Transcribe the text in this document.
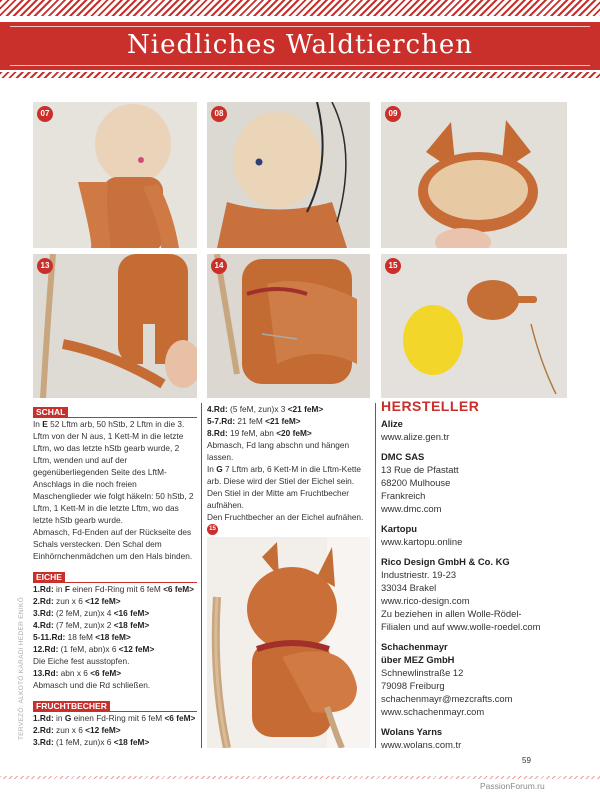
Niedliches Waldtierchen
07	08	09
13	14	15
SCHAL

In E 52 Lftm arb, 50 hStb, 2 Lftm in die 3. Lftm von der N aus, 1 Kett-M in die letzte Lftm, wo das letzte hStb gearb wurde, 2 Lftm, wenden und auf der gegenüberliegenden Seite des LftM-Anschlags in die noch freien Maschenglieder wie folgt häkeln: 50 hStb, 2 Lftm, 1 Kett-M in die letzte Lftm, wo das letzte hStb gearb wurde.

Abmasch, Fd-Enden auf der Rückseite des Schals verstecken. Den Schal dem Einhörnchenmädchen um den Hals binden.

EICHE

1.Rd: in F einen Fd-Ring mit 6 feM <6 feM>

2.Rd: zun x 6 <12 feM>

3.Rd: (2 feM, zun)x 4 <16 feM>

4.Rd: (7 feM, zun)x 2 <18 feM>

5-11.Rd: 18 feM <18 feM>

12.Rd: (1 feM, abn)x 6 <12 feM>

Die Eiche fest ausstopfen.

13.Rd: abn x 6 <6 feM>

Abmasch und die Rd schließen.

FRUCHTBECHER

1.Rd: in G einen Fd-Ring mit 6 feM <6 feM>

2.Rd: zun x 6 <12 feM>

3.Rd: (1 feM, zun)x 6 <18 feM>

4.Rd: (5 feM, zun)x 3 <21 feM>

5-7.Rd: 21 feM <21 feM>

8.Rd: 19 feM, abn <20 feM>

Abmasch, Fd lang abschn und hängen lassen.

In G 7 Lftm arb, 6 Kett-M in die Lftm-Kette arb. Diese wird der Stiel der Eichel sein. Den Stiel in der Mitte am Fruchtbecher aufnähen.

Den Fruchtbecher an der Eichel aufnähen. 15

HERSTELLER
Alize
www.alize.gen.tr
DMC SAS
13 Rue de Pfastatt
68200 Mulhouse
Frankreich
www.dmc.com
Kartopu
www.kartopu.online
Rico Design GmbH & Co. KG
Industriestr. 19-23
33034 Brakel
www.rico-design.com
Zu beziehen in allen Wolle-Rödel-
Filialen und auf www.wolle-roedel.com
Schachenmayr
über MEZ GmbH
Schnewlinstraße 12
79098 Freiburg
schachenmayr@mezcrafts.com
www.schachenmayr.com
Wolans Yarns
www.wolans.com.tr
TERVEZŐ: ALKOTÓ KARADI HEDER ENIKŐ
59
PassionForum.ru
